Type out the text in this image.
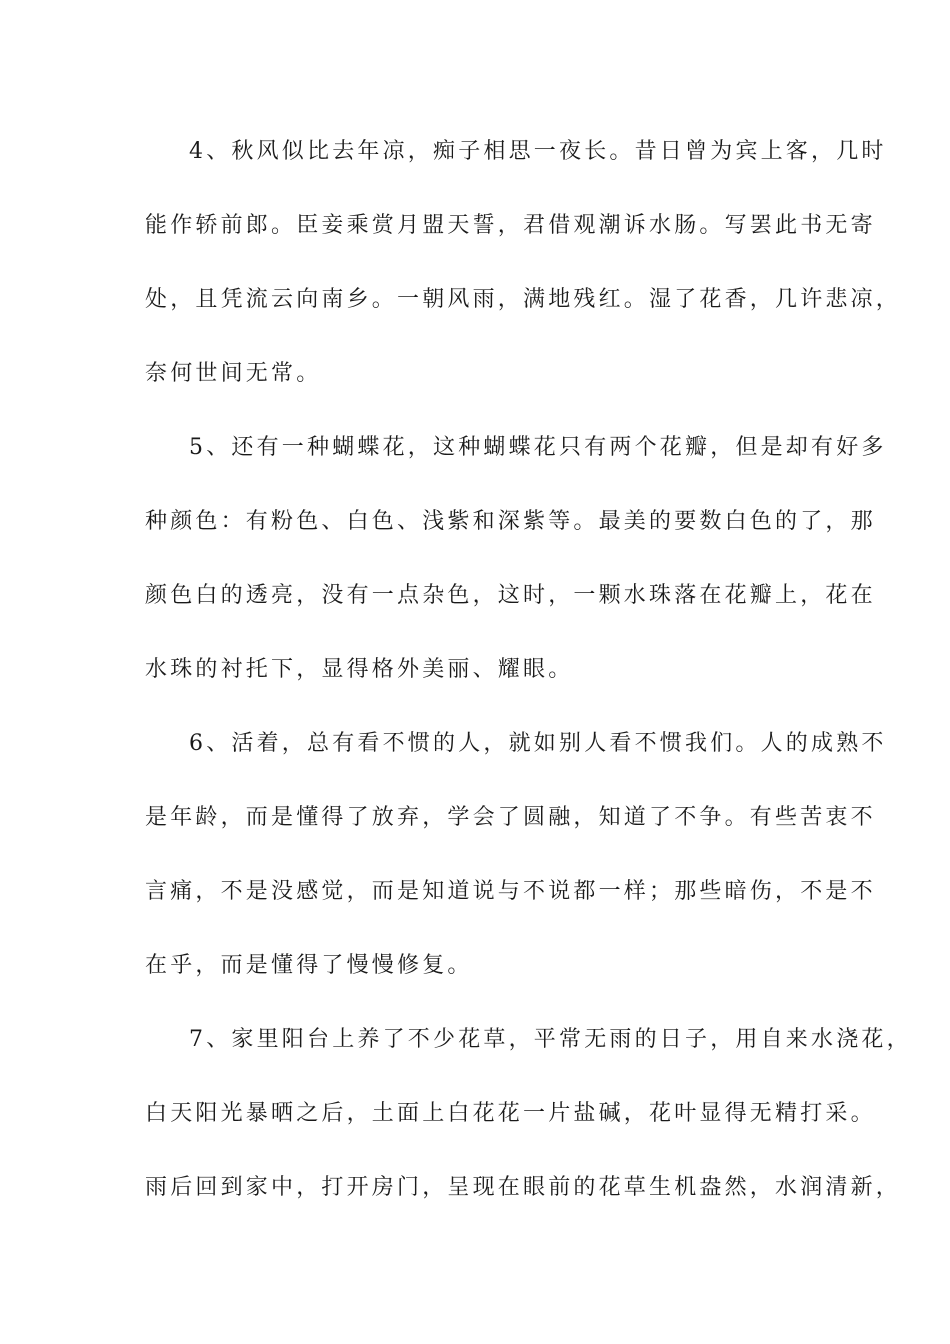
4、秋风似比去年凉，痴子相思一夜长。昔日曾为宾上客，几时
能作轿前郎。臣妾乘赏月盟天誓，君借观潮诉水肠。写罢此书无寄
处，且凭流云向南乡。一朝风雨，满地残红。湿了花香，几许悲凉，
奈何世间无常。
5、还有一种蝴蝶花，这种蝴蝶花只有两个花瓣，但是却有好多
种颜色：有粉色、白色、浅紫和深紫等。最美的要数白色的了，那
颜色白的透亮，没有一点杂色，这时，一颗水珠落在花瓣上，花在
水珠的衬托下，显得格外美丽、耀眼。
6、活着，总有看不惯的人，就如别人看不惯我们。人的成熟不
是年龄，而是懂得了放弃，学会了圆融，知道了不争。有些苦衷不
言痛，不是没感觉，而是知道说与不说都一样；那些暗伤，不是不
在乎，而是懂得了慢慢修复。
7、家里阳台上养了不少花草，平常无雨的日子，用自来水浇花，
白天阳光暴晒之后，土面上白花花一片盐碱，花叶显得无精打采。
雨后回到家中，打开房门，呈现在眼前的花草生机盎然，水润清新，
